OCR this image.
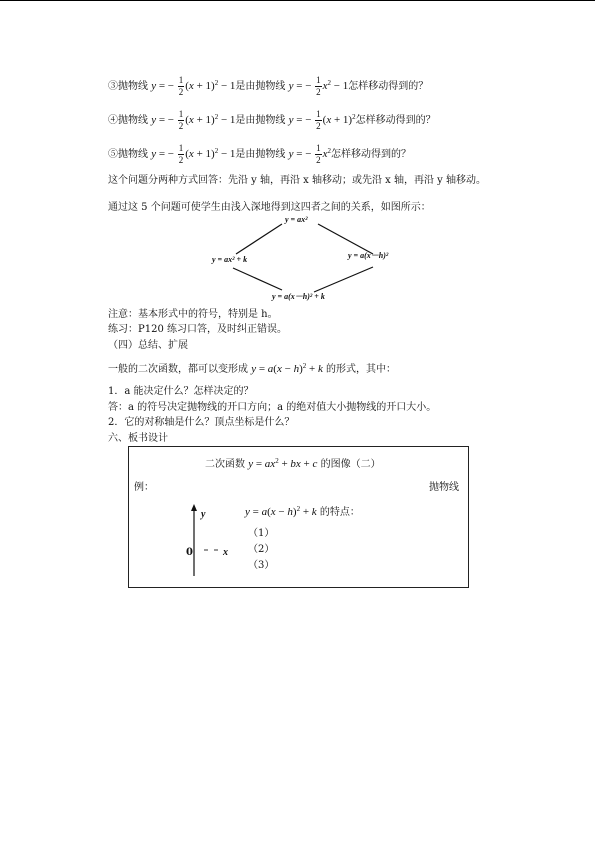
③抛物线 y = − $\frac{1}{2} (x + 1)^2 - 1$是由抛物线 y = − $\frac{1}{2} x^2 - 1$怎样移动得到的？
④抛物线 y = − $\frac{1}{2} (x + 1)^2 - 1$是由抛物线 y = − $\frac{1}{2} (x + 1)^2$怎样移动得到的？
⑤抛物线 y = − $\frac{1}{2} (x + 1)^2 - 1$是由抛物线 y = − $\frac{1}{2} x^2$怎样移动得到的？
这个问题分两种方式回答：先沿 y 轴，再沿 x 轴移动；或先沿 x 轴，再沿 y 轴移动。
通过这 5 个问题可使学生由浅入深地得到这四者之间的关系，如图所示：
y = ax²
y = ax² + k	y = a(x－h)²
y = a(x－h)² + k
注意：基本形式中的符号，特别是 h。
练习：P120 练习口答，及时纠正错误。
（四）总结、扩展
一般的二次函数，都可以变形成 $y = a(x - h)^2 + k$ 的形式，其中：
1．a 能决定什么？怎样决定的？
答：a 的符号决定抛物线的开口方向；a 的绝对值大小抛物线的开口大小。
2．它的对称轴是什么？顶点坐标是什么？
六、板书设计
二次函数 $y = ax^2$ + bx + c 的图像（二）
例：	抛物线
$y = a(x - h)^2 + k$ 的特点：
（1）
（2）
（3）
y
x
0
